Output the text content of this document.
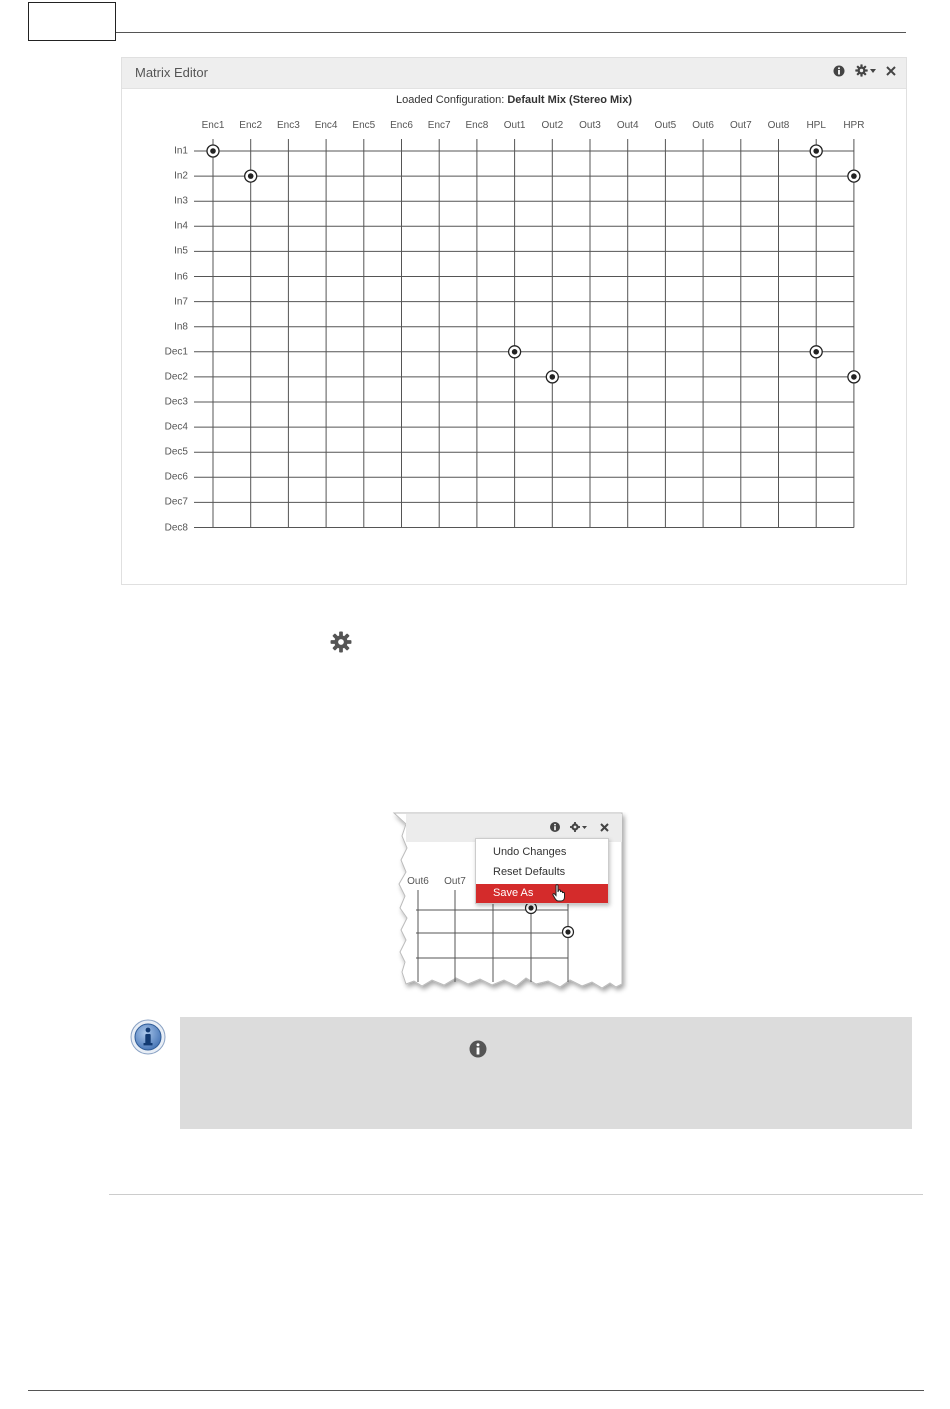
Matrix Editor
Loaded Configuration: Default Mix (Stereo Mix)
Enc1 Enc2 Enc3 Enc4 Enc5 Enc6 Enc7 Enc8 Out1 Out2 Out3 Out4 Out5 Out6 Out7 Out8 HPL HPR
In1
In2
In3
In4
In5
In6
In7
In8
Dec1
Dec2
Dec3
Dec4
Dec5
Dec6
Dec7
Dec8
Out6 Out7
Undo Changes
Reset Defaults
Save As
